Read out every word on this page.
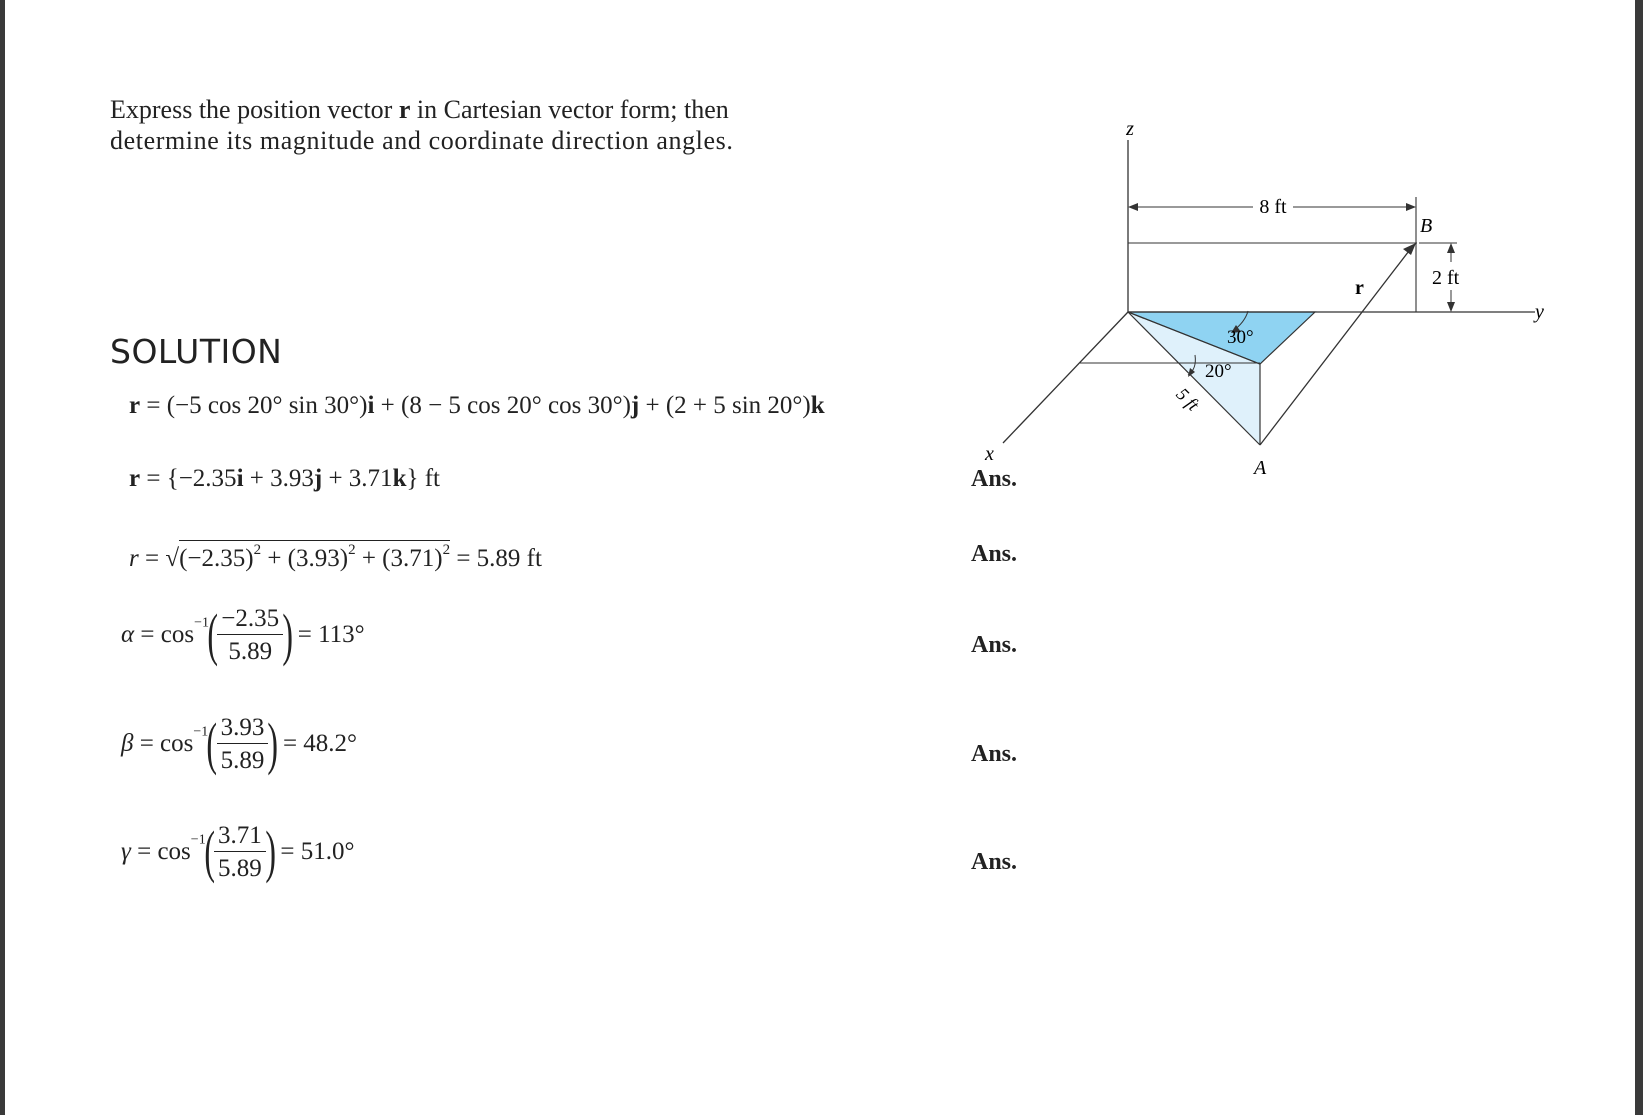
Express the position vector r in Cartesian vector form; then
determine its magnitude and coordinate direction angles.
SOLUTION
r = (−5 cos 20° sin 30°)i + (8 − 5 cos 20° cos 30°)j + (2 + 5 sin 20°)k
r = {−2.35i + 3.93j + 3.71k} ft	Ans.
$r = √(-2.35)^2 + (3.93)^2 + (3.71)^2 = 5.89$ ft	Ans.
$\alpha = \cos^{-1}( \frac{-2.35}{5.89}$ ) = 113°	Ans.
$\beta = \cos^{-1}( \frac{3.93}{5.89}$ ) = 48.2°	Ans.
$\gamma = \cos^{-1}( \frac{3.71}{5.89}$ ) = 51.0°	Ans.
z
y
x
8 ft
2 ft
B
A
r
30°
20°
5 ft
